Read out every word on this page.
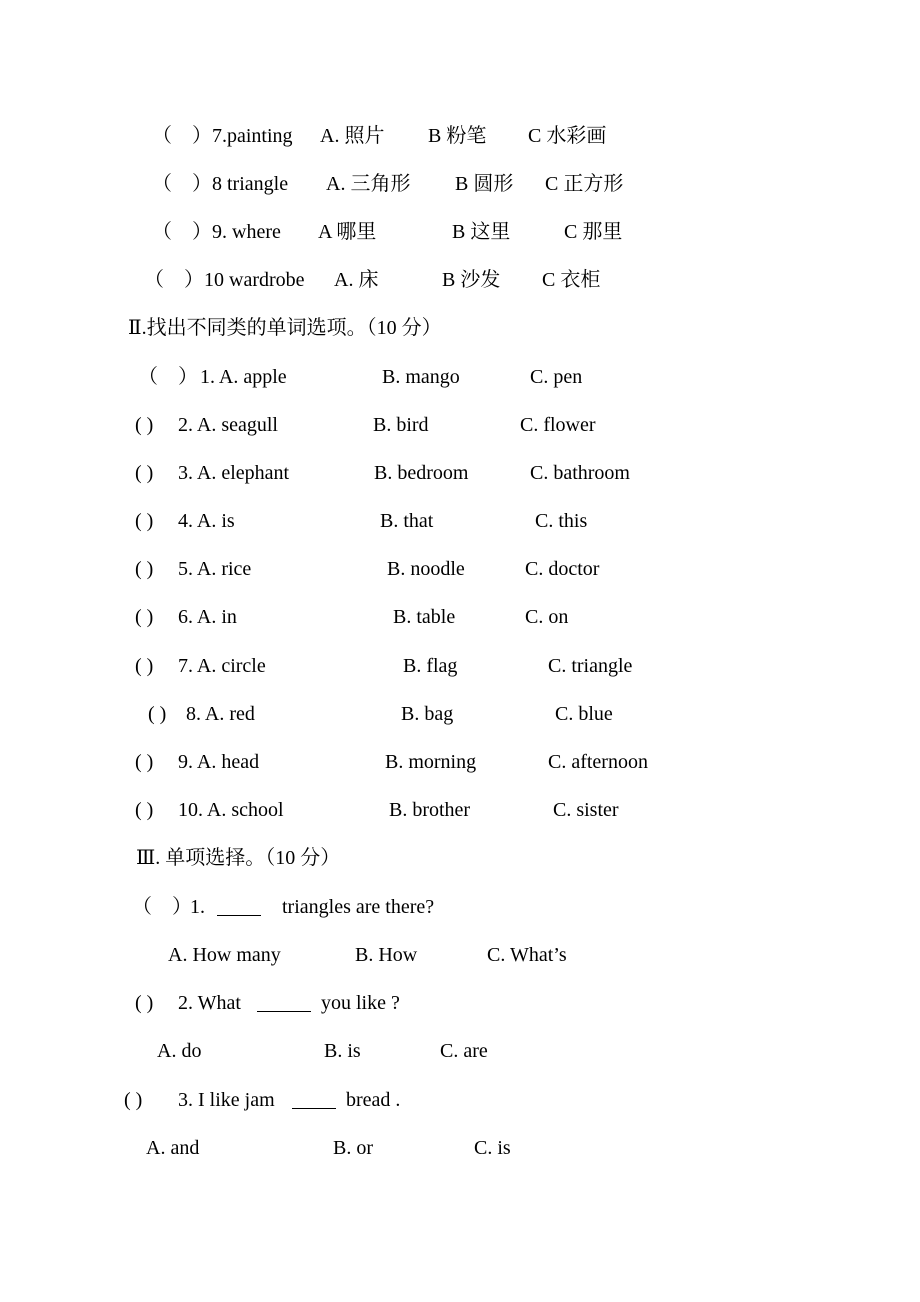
（　） 7.painting A. 照片 B 粉笔 C 水彩画
（　） 8 triangle A. 三角形 B 圆形 C 正方形
（　） 9. where A 哪里	B 这里	C 那里
（　） 10 wardrobe A. 床	B 沙发 C 衣柜
Ⅱ.找出不同类的单词选项。（10 分）
（　） 1. A. apple	B. mango	C. pen
( ) 2. A. seagull	B. bird	C. flower
( ) 3. A. elephant	B. bedroom	C. bathroom
( ) 4. A. is	B. that	C. this
( ) 5. A. rice	B. noodle	C. doctor
( ) 6. A. in	B. table	C. on
( ) 7. A. circle	B. flag	C. triangle
( ) 8. A. red	B. bag	C. blue
( ) 9. A. head	B. morning	C. afternoon
( ) 10. A. school	B. brother	C. sister
Ⅲ. 单项选择。（10 分）
（　）
1.	triangles are there?
A. How many	B. How	C. What’s
( ) 2. What	you like ?
A. do	B. is	C. are
( ) 3. I like jam	bread .
A. and	B. or	C. is
